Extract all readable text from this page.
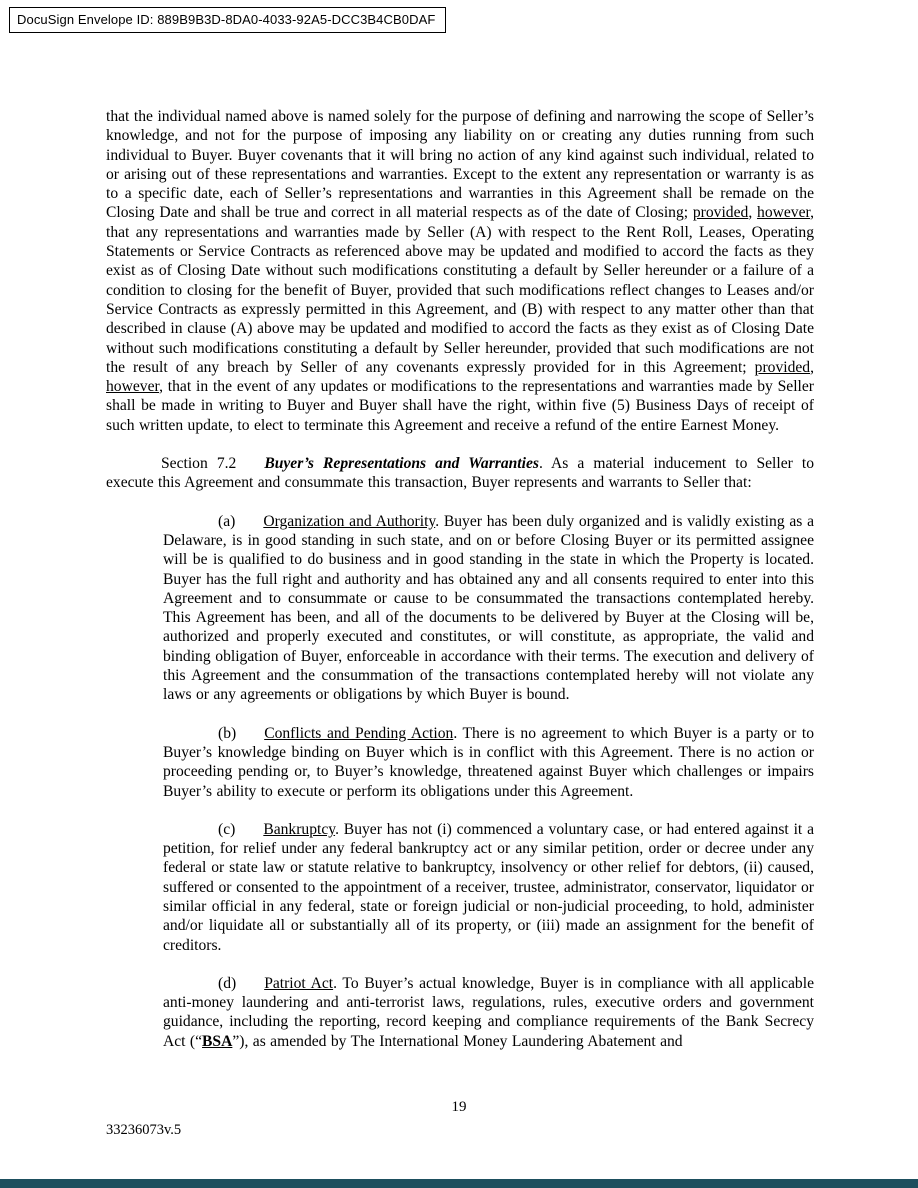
DocuSign Envelope ID: 889B9B3D-8DA0-4033-92A5-DCC3B4CB0DAF

that the individual named above is named solely for the purpose of defining and narrowing the scope of Seller’s knowledge, and not for the purpose of imposing any liability on or creating any duties running from such individual to Buyer. Buyer covenants that it will bring no action of any kind against such individual, related to or arising out of these representations and warranties. Except to the extent any representation or warranty is as to a specific date, each of Seller’s representations and warranties in this Agreement shall be remade on the Closing Date and shall be true and correct in all material respects as of the date of Closing; provided, however, that any representations and warranties made by Seller (A) with respect to the Rent Roll, Leases, Operating Statements or Service Contracts as referenced above may be updated and modified to accord the facts as they exist as of Closing Date without such modifications constituting a default by Seller hereunder or a failure of a condition to closing for the benefit of Buyer, provided that such modifications reflect changes to Leases and/or Service Contracts as expressly permitted in this Agreement, and (B) with respect to any matter other than that described in clause (A) above may be updated and modified to accord the facts as they exist as of Closing Date without such modifications constituting a default by Seller hereunder, provided that such modifications are not the result of any breach by Seller of any covenants expressly provided for in this Agreement; provided, however, that in the event of any updates or modifications to the representations and warranties made by Seller shall be made in writing to Buyer and Buyer shall have the right, within five (5) Business Days of receipt of such written update, to elect to terminate this Agreement and receive a refund of the entire Earnest Money.

Section 7.2 Buyer’s Representations and Warranties. As a material inducement to Seller to execute this Agreement and consummate this transaction, Buyer represents and warrants to Seller that:

(a) Organization and Authority. Buyer has been duly organized and is validly existing as a Delaware, is in good standing in such state, and on or before Closing Buyer or its permitted assignee will be is qualified to do business and in good standing in the state in which the Property is located. Buyer has the full right and authority and has obtained any and all consents required to enter into this Agreement and to consummate or cause to be consummated the transactions contemplated hereby. This Agreement has been, and all of the documents to be delivered by Buyer at the Closing will be, authorized and properly executed and constitutes, or will constitute, as appropriate, the valid and binding obligation of Buyer, enforceable in accordance with their terms. The execution and delivery of this Agreement and the consummation of the transactions contemplated hereby will not violate any laws or any agreements or obligations by which Buyer is bound.

(b) Conflicts and Pending Action. There is no agreement to which Buyer is a party or to Buyer’s knowledge binding on Buyer which is in conflict with this Agreement. There is no action or proceeding pending or, to Buyer’s knowledge, threatened against Buyer which challenges or impairs Buyer’s ability to execute or perform its obligations under this Agreement.

(c) Bankruptcy. Buyer has not (i) commenced a voluntary case, or had entered against it a petition, for relief under any federal bankruptcy act or any similar petition, order or decree under any federal or state law or statute relative to bankruptcy, insolvency or other relief for debtors, (ii) caused, suffered or consented to the appointment of a receiver, trustee, administrator, conservator, liquidator or similar official in any federal, state or foreign judicial or non-judicial proceeding, to hold, administer and/or liquidate all or substantially all of its property, or (iii) made an assignment for the benefit of creditors.

(d) Patriot Act. To Buyer’s actual knowledge, Buyer is in compliance with all applicable anti-money laundering and anti-terrorist laws, regulations, rules, executive orders and government guidance, including the reporting, record keeping and compliance requirements of the Bank Secrecy Act (“BSA”), as amended by The International Money Laundering Abatement and

19
33236073v.5
